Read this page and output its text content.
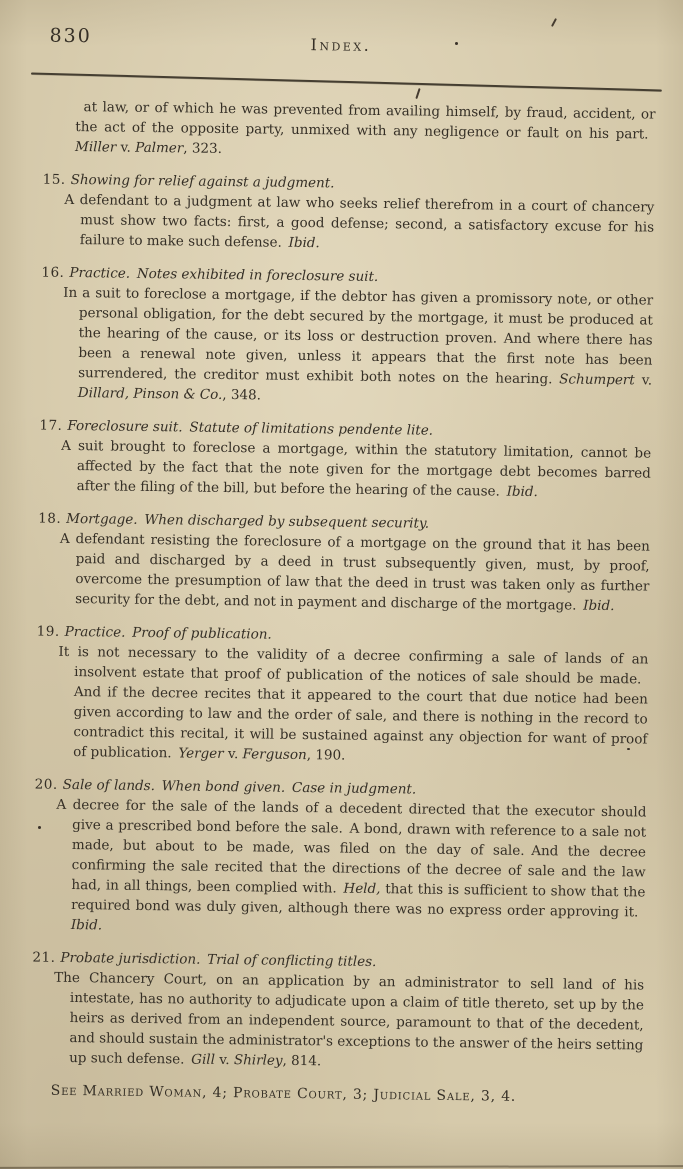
830	Index.

at law, or of which he was prevented from availing himself, by fraud, accident, or the act of the opposite party, unmixed with any negligence or fault on his part. Miller v. Palmer, 323.

15. Showing for relief against a judgment.

A defendant to a judgment at law who seeks relief therefrom in a court of chancery must show two facts: first, a good defense; second, a satisfactory excuse for his failure to make such defense. Ibid.

16. Practice. Notes exhibited in foreclosure suit.

In a suit to foreclose a mortgage, if the debtor has given a promissory note, or other personal obligation, for the debt secured by the mortgage, it must be produced at the hearing of the cause, or its loss or destruction proven. And where there has been a renewal note given, unless it appears that the first note has been surrendered, the creditor must exhibit both notes on the hearing. Schumpert v. Dillard, Pinson & Co., 348.

17. Foreclosure suit. Statute of limitations pendente lite.

A suit brought to foreclose a mortgage, within the statutory limitation, cannot be affected by the fact that the note given for the mortgage debt becomes barred after the filing of the bill, but before the hearing of the cause. Ibid.

18. Mortgage. When discharged by subsequent security.

A defendant resisting the foreclosure of a mortgage on the ground that it has been paid and discharged by a deed in trust subsequently given, must, by proof, overcome the presumption of law that the deed in trust was taken only as further security for the debt, and not in payment and discharge of the mortgage. Ibid.

19. Practice. Proof of publication.

It is not necessary to the validity of a decree confirming a sale of lands of an insolvent estate that proof of publication of the notices of sale should be made. And if the decree recites that it appeared to the court that due notice had been given according to law and the order of sale, and there is nothing in the record to contradict this recital, it will be sustained against any objection for want of proof of publication. Yerger v. Ferguson, 190.

20. Sale of lands. When bond given. Case in judgment.

A decree for the sale of the lands of a decedent directed that the executor should give a prescribed bond before the sale. A bond, drawn with reference to a sale not made, but about to be made, was filed on the day of sale. And the decree confirming the sale recited that the directions of the decree of sale and the law had, in all things, been complied with. Held, that this is sufficient to show that the required bond was duly given, although there was no express order approving it. Ibid.

21. Probate jurisdiction. Trial of conflicting titles.

The Chancery Court, on an application by an administrator to sell land of his intestate, has no authority to adjudicate upon a claim of title thereto, set up by the heirs as derived from an independent source, paramount to that of the decedent, and should sustain the administrator's exceptions to the answer of the heirs setting up such defense. Gill v. Shirley, 814.

See Married Woman, 4; Probate Court, 3; Judicial Sale, 3, 4.
